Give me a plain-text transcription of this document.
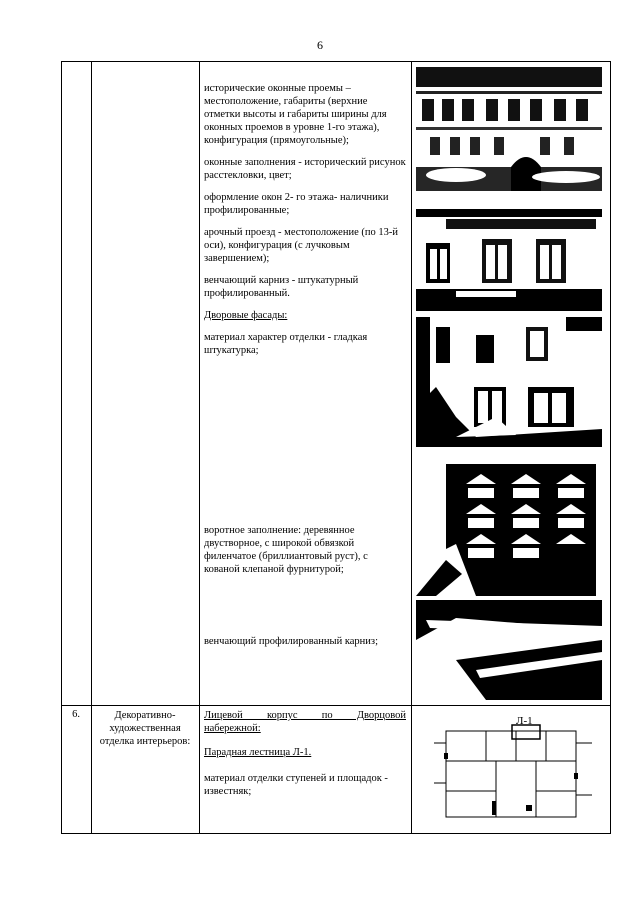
6

исторические оконные проемы – местоположение, габариты (верхние отметки высоты и габариты ширины для оконных проемов в уровне 1-го этажа), конфигурация (прямоугольные);

оконные заполнения - исторический рисунок расстекловки, цвет;

оформление окон 2- го этажа- наличники профилированные;

арочный проезд - местоположение (по 13-й оси), конфигурация (с лучковым завершением);

венчающий карниз - штукатурный профилированный.

Дворовые фасады:

материал характер отделки - гладкая штукатурка;

воротное заполнение: деревянное двустворное, с широкой обвязкой филенчатое (бриллиантовый руст), с кованой клепаной фурнитурой;
венчающий профилированный карниз;
6.	Декоративно-художественная отделка интерьеров:
Лицевой корпус по Дворцовой
набережной:
Парадная лестница Л-1.
материал отделки ступеней и площадок - известняк;
Л-1
